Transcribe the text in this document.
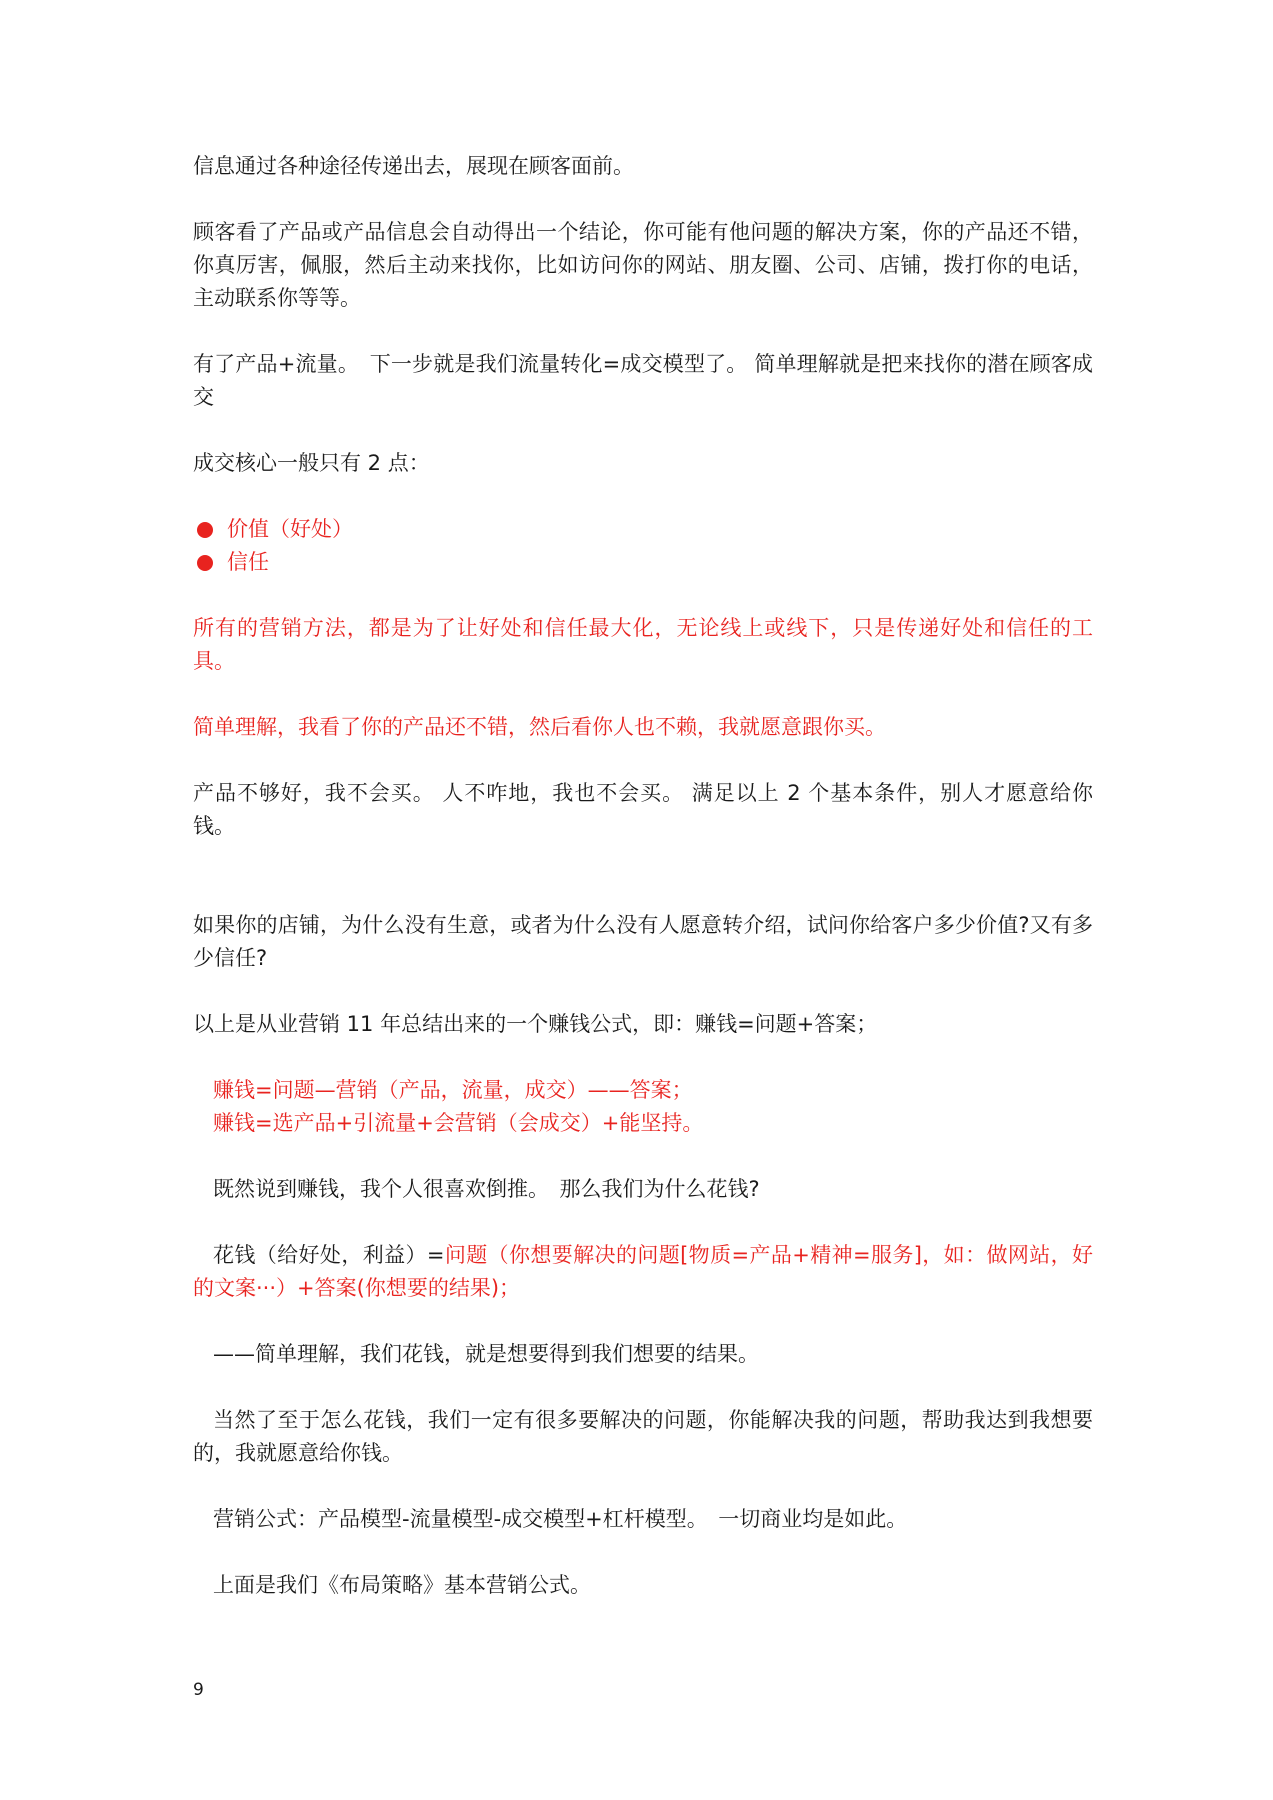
信息通过各种途径传递出去，展现在顾客面前。

顾客看了产品或产品信息会自动得出一个结论，你可能有他问题的解决方案，你的产品还不错，你真厉害，佩服，然后主动来找你，比如访问你的网站、朋友圈、公司、店铺，拨打你的电话，主动联系你等等。

有了产品+流量。　下一步就是我们流量转化=成交模型了。 简单理解就是把来找你的潜在顾客成交

成交核心一般只有 2 点：

价值（好处）
信任

所有的营销方法，都是为了让好处和信任最大化，无论线上或线下，只是传递好处和信任的工具。

简单理解，我看了你的产品还不错，然后看你人也不赖，我就愿意跟你买。

产品不够好，我不会买。 人不咋地，我也不会买。 满足以上 2 个基本条件，别人才愿意给你钱。

如果你的店铺，为什么没有生意，或者为什么没有人愿意转介绍，试问你给客户多少价值?又有多少信任?

以上是从业营销 11 年总结出来的一个赚钱公式，即：赚钱=问题+答案；

赚钱=问题—营销（产品，流量，成交）——答案；
赚钱=选产品+引流量+会营销（会成交）+能坚持。

既然说到赚钱，我个人很喜欢倒推。　那么我们为什么花钱?

花钱（给好处，利益）=问题（你想要解决的问题[物质=产品+精神=服务]，如：做网站，好的文案···）+答案(你想要的结果)；

——简单理解，我们花钱，就是想要得到我们想要的结果。

当然了至于怎么花钱，我们一定有很多要解决的问题，你能解决我的问题，帮助我达到我想要的，我就愿意给你钱。

营销公式：产品模型-流量模型-成交模型+杠杆模型。　一切商业均是如此。

上面是我们《布局策略》基本营销公式。

9
